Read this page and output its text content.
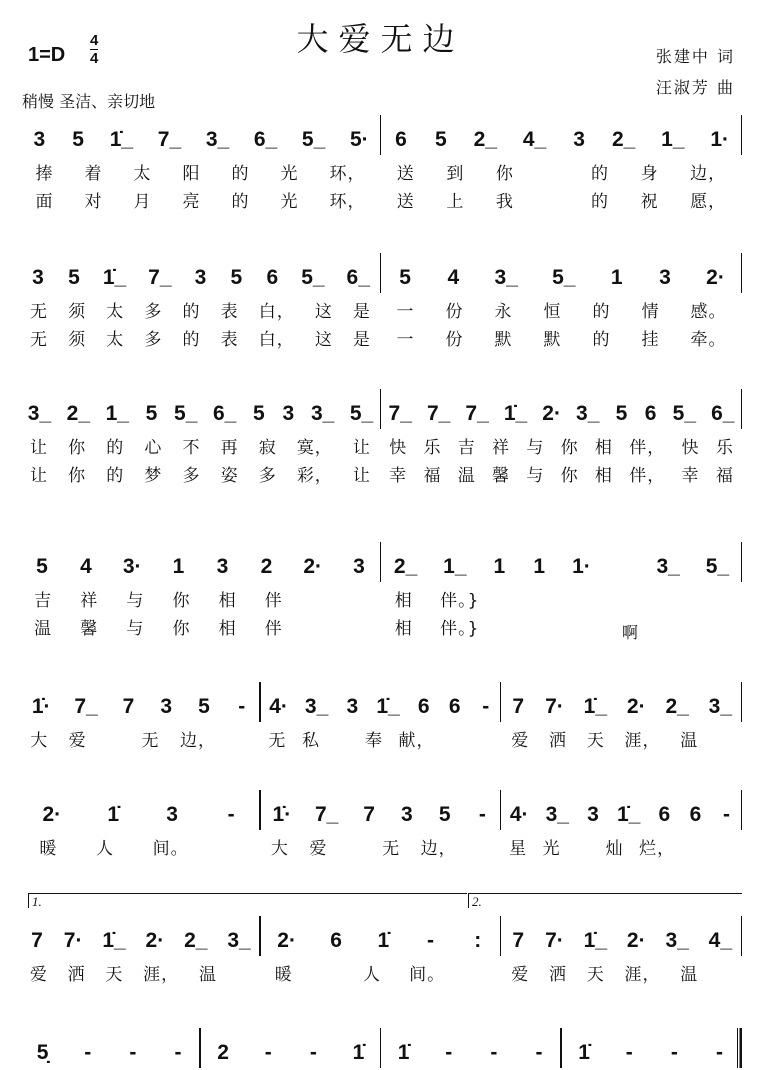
大爱无边
$1=D \frac{4}{4}$
稍慢 圣洁、亲切地
张建中 词
汪淑芳 曲
1.	2.
啊
3 5 1̇_ 7_ 3_ 6_ 5_ 5·
捧 着 太 阳 的 光 环，
面 对 月 亮 的 光 环，
6 5 2_ 4_ 3 2_ 1_ 1·
送 到 你	的 身 边，
送 上 我	的 祝 愿，
3 5 1̇_ 7_ 3 5 6 5_ 6_
无 须 太 多 的 表 白， 这 是
无 须 太 多 的 表 白， 这 是
5 4 3_ 5_ 1 3 2·
一 份 永 恒 的 情 感。
一 份 默 默 的 挂 牵。
3_ 2_ 1_ 5 5_ 6_ 5 3 3_ 5_
让 你 的 心 不 再 寂 寞， 让
让 你 的 梦 多 姿 多 彩， 让
7_ 7_ 7_ 1̇_ 2· 3_ 5 6 5_ 6_
快 乐 吉 祥 与 你 相 伴， 快 乐
幸 福 温 馨 与 你 相 伴， 幸 福
5 4 3· 1 3 2 2· 3
吉 祥 与 你 相 伴
温 馨 与 你 相 伴
2_ 1_ 1 1 1·	3_ 5_
相 伴。}
相 伴。}
1̇· 7_ 7 3 5 -
大 爱	无 边，
4· 3_ 3 1̇_ 6 6 -
无 私	奉 献，
7 7· 1̇_ 2· 2_ 3_
爱 洒 天 涯， 温
2· 1̇ 3 -
暖 人 间。
1̇· 7_ 7 3 5 -
大 爱	无 边，
4· 3_ 3 1̇_ 6 6 -
星 光	灿 烂，
7 7· 1̇_ 2· 2_ 3_
爱 洒 天 涯， 温
2· 6 1̇ - :
暖	人 间。
7 7· 1̇_ 2· 3_ 4_
爱 洒 天 涯， 温
5̣ - - - 2 - - 1̇ 1̇ - - - 1̇ - - -
